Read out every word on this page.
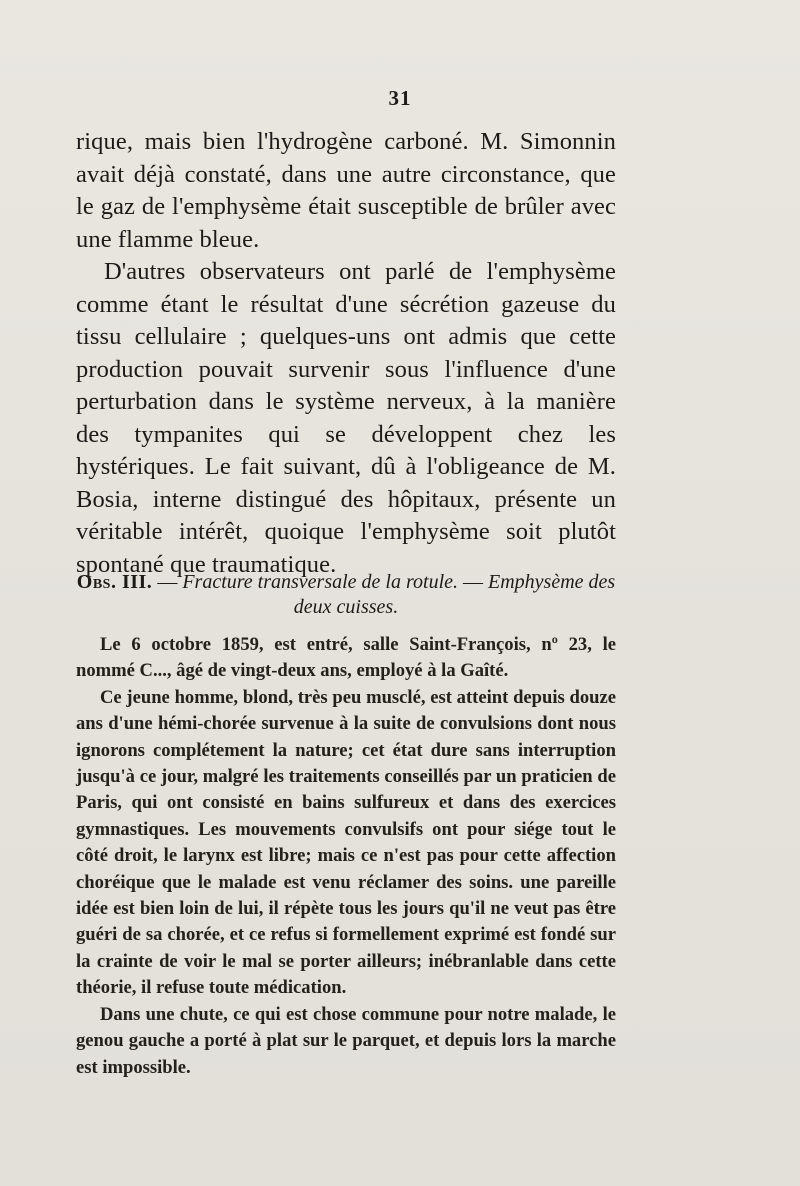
31

rique, mais bien l'hydrogène carboné. M. Simonnin avait déjà constaté, dans une autre circonstance, que le gaz de l'emphysème était susceptible de brûler avec une flamme bleue.

D'autres observateurs ont parlé de l'emphysème comme étant le résultat d'une sécrétion gazeuse du tissu cellulaire ; quelques-uns ont admis que cette production pouvait survenir sous l'influence d'une perturbation dans le système nerveux, à la manière des tympanites qui se développent chez les hystériques. Le fait suivant, dû à l'obligeance de M. Bosia, interne distingué des hôpitaux, présente un véritable intérêt, quoique l'emphysème soit plutôt spontané que traumatique.

Obs. III. — Fracture transversale de la rotule. — Emphysème des deux cuisses.

Le 6 octobre 1859, est entré, salle Saint-François, nº 23, le nommé C..., âgé de vingt-deux ans, employé à la Gaîté.

Ce jeune homme, blond, très peu musclé, est atteint depuis douze ans d'une hémi-chorée survenue à la suite de convulsions dont nous ignorons complétement la nature; cet état dure sans interruption jusqu'à ce jour, malgré les traitements conseillés par un praticien de Paris, qui ont consisté en bains sulfureux et dans des exercices gymnastiques. Les mouvements convulsifs ont pour siége tout le côté droit, le larynx est libre; mais ce n'est pas pour cette affection choréique que le malade est venu réclamer des soins. une pareille idée est bien loin de lui, il répète tous les jours qu'il ne veut pas être guéri de sa chorée, et ce refus si formellement exprimé est fondé sur la crainte de voir le mal se porter ailleurs; inébranlable dans cette théorie, il refuse toute médication.

Dans une chute, ce qui est chose commune pour notre malade, le genou gauche a porté à plat sur le parquet, et depuis lors la marche est impossible.
